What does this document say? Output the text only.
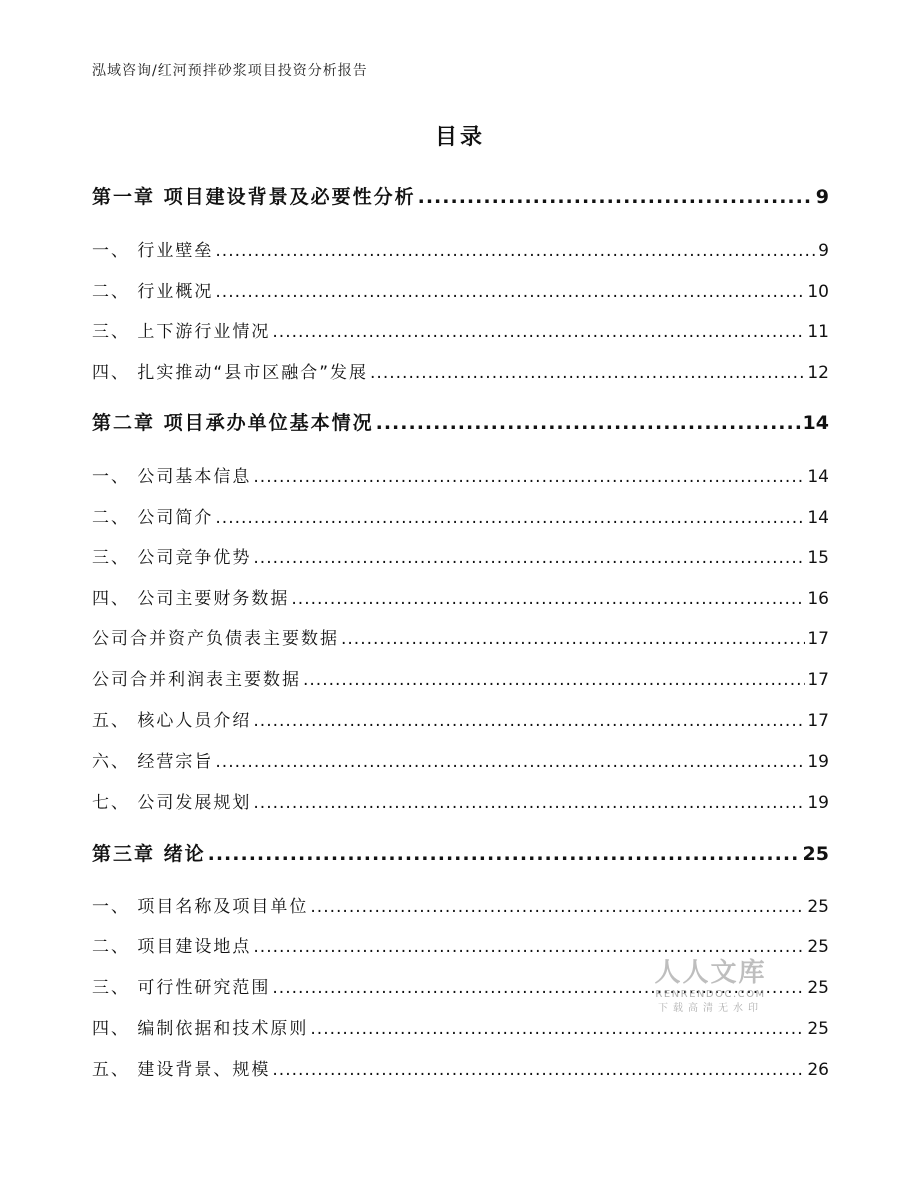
泓域咨询/红河预拌砂浆项目投资分析报告
目录
第一章 项目建设背景及必要性分析 .....	9
一、 行业壁垒 .....	9
二、 行业概况 .....	10
三、 上下游行业情况 .....	11
四、 扎实推动“县市区融合”发展 .....	12
第二章 项目承办单位基本情况 .....	14
一、 公司基本信息 .....	14
二、 公司简介 .....	14
三、 公司竞争优势 .....	15
四、 公司主要财务数据 .....	16
公司合并资产负债表主要数据 .....	17
公司合并利润表主要数据 .....	17
五、 核心人员介绍 .....	17
六、 经营宗旨 .....	19
七、 公司发展规划 .....	19
第三章 绪论 .....	25
一、 项目名称及项目单位 .....	25
二、 项目建设地点 .....	25
三、 可行性研究范围 .....	25
四、 编制依据和技术原则 .....	25
五、 建设背景、规模 .....	26
人人文库
RENRENDOC.COM
下载高清无水印
